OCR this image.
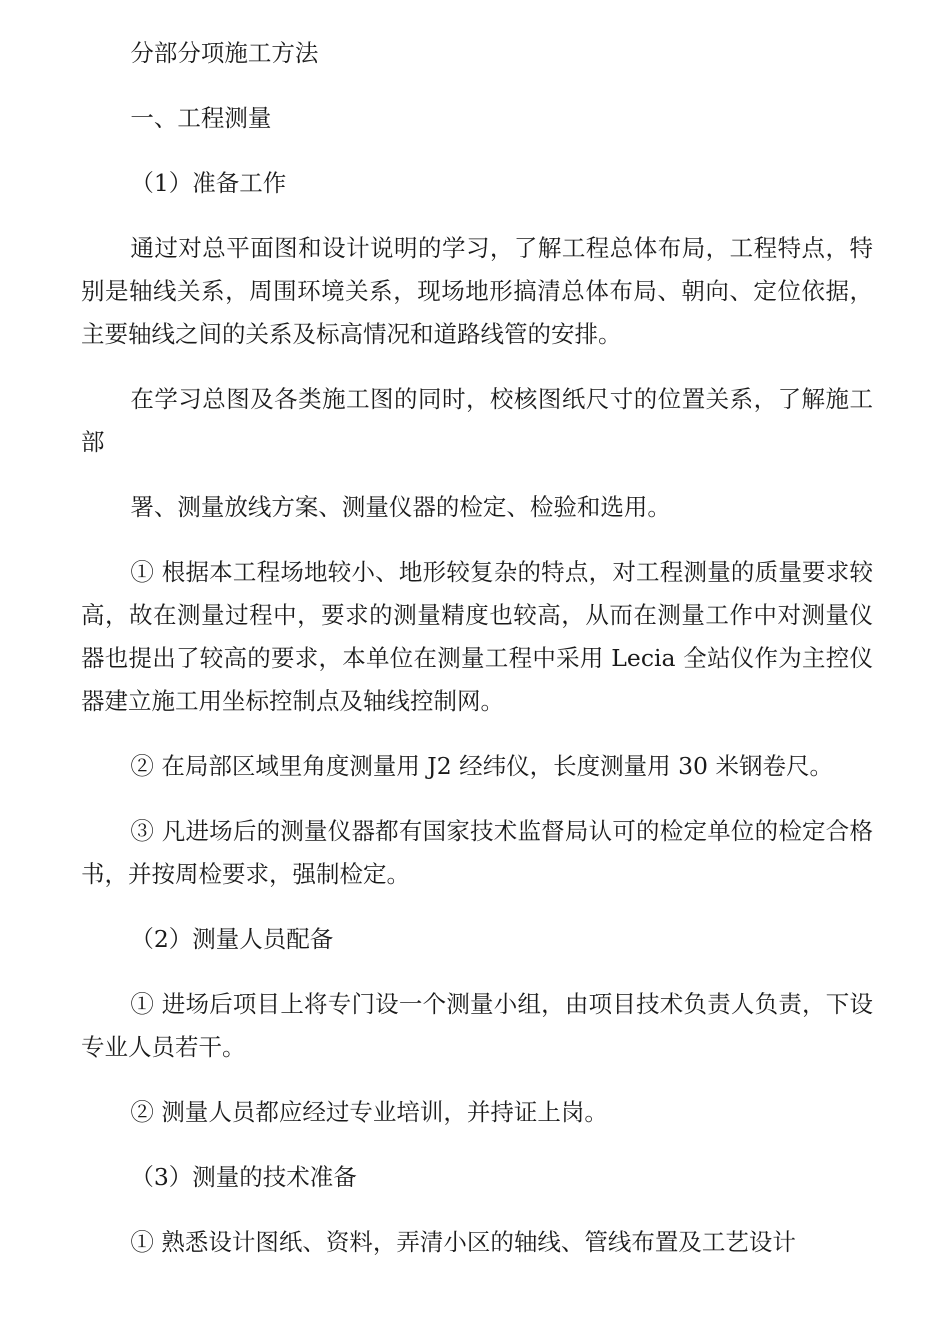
分部分项施工方法

一、工程测量

（1）准备工作

通过对总平面图和设计说明的学习，了解工程总体布局，工程特点，特别是轴线关系，周围环境关系，现场地形搞清总体布局、朝向、定位依据，主要轴线之间的关系及标高情况和道路线管的安排。

在学习总图及各类施工图的同时，校核图纸尺寸的位置关系，了解施工部

署、测量放线方案、测量仪器的检定、检验和选用。

① 根据本工程场地较小、地形较复杂的特点，对工程测量的质量要求较高，故在测量过程中，要求的测量精度也较高，从而在测量工作中对测量仪器也提出了较高的要求，本单位在测量工程中采用 Lecia 全站仪作为主控仪器建立施工用坐标控制点及轴线控制网。

② 在局部区域里角度测量用 J2 经纬仪，长度测量用 30 米钢卷尺。

③ 凡进场后的测量仪器都有国家技术监督局认可的检定单位的检定合格书，并按周检要求，强制检定。

（2）测量人员配备

① 进场后项目上将专门设一个测量小组，由项目技术负责人负责，下设专业人员若干。

② 测量人员都应经过专业培训，并持证上岗。

（3）测量的技术准备

① 熟悉设计图纸、资料，弄清小区的轴线、管线布置及工艺设计
